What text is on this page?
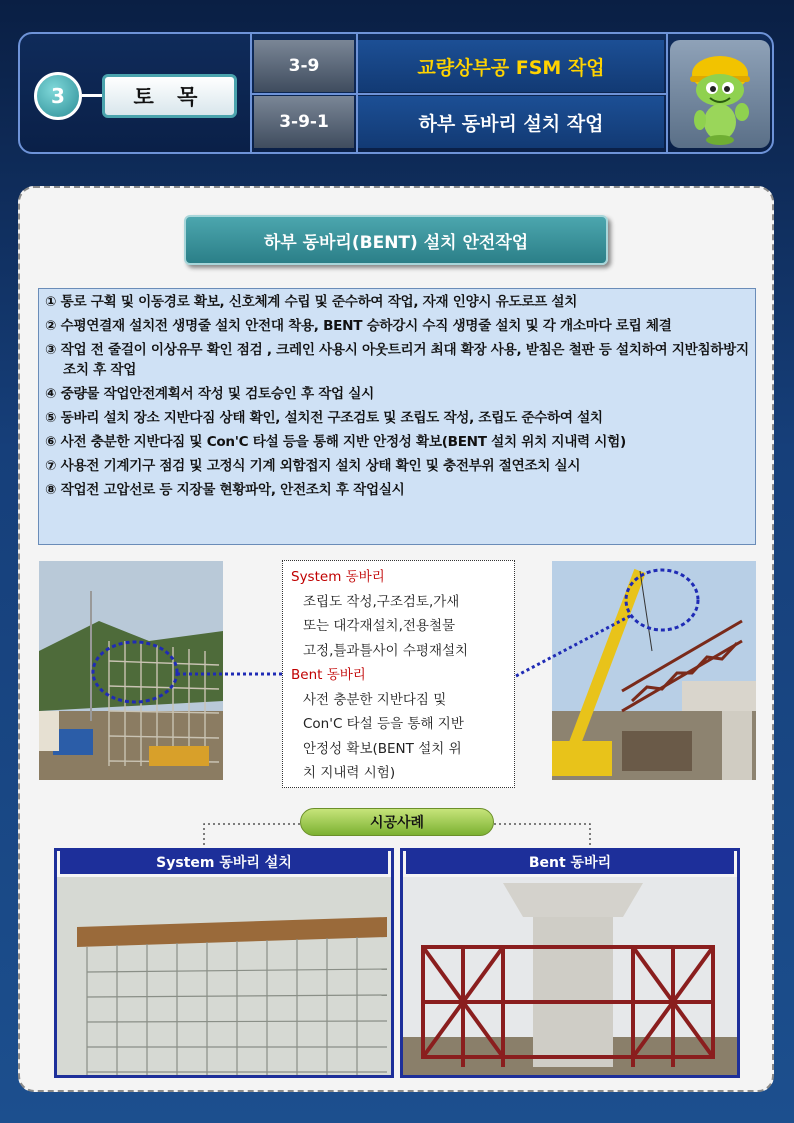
3	토 목
3-9
3-9-1
교량상부공 FSM 작업
하부 동바리 설치 작업
하부 동바리(BENT) 설치 안전작업

① 통로 구획 및 이동경로 확보, 신호체계 수립 및 준수하여 작업, 자재 인양시 유도로프 설치

② 수평연결재 설치전 생명줄 설치 안전대 착용, BENT 승하강시 수직 생명줄 설치 및 각 개소마다 로립 체결

③ 작업 전 줄걸이 이상유무 확인 점검 , 크레인 사용시 아웃트리거 최대 확장 사용, 받침은 철판 등 설치하여 지반침하방지조치 후 작업

④ 중량물 작업안전계획서 작성 및 검토승인 후 작업 실시

⑤ 동바리 설치 장소 지반다짐 상태 확인, 설치전 구조검토 및 조립도 작성, 조립도 준수하여 설치

⑥ 사전 충분한 지반다짐 및 Con'C 타설 등을 통해 지반 안정성 확보(BENT 설치 위치 지내력 시험)

⑦ 사용전 기계기구 점검 및 고정식 기계 외함접지 설치 상태 확인 및 충전부위 절연조치 실시

⑧ 작업전 고압선로 등 지장물 현황파악, 안전조치 후 작업실시

System 동바리
조립도 작성,구조검토,가새
또는 대각재설치,전용철물
고정,틀과틀사이 수평재설치
Bent 동바리
사전 충분한 지반다짐 및
Con'C 타설 등을 통해 지반
안정성 확보(BENT 설치 위
치 지내력 시험)
시공사례
System 동바리 설치	Bent 동바리
